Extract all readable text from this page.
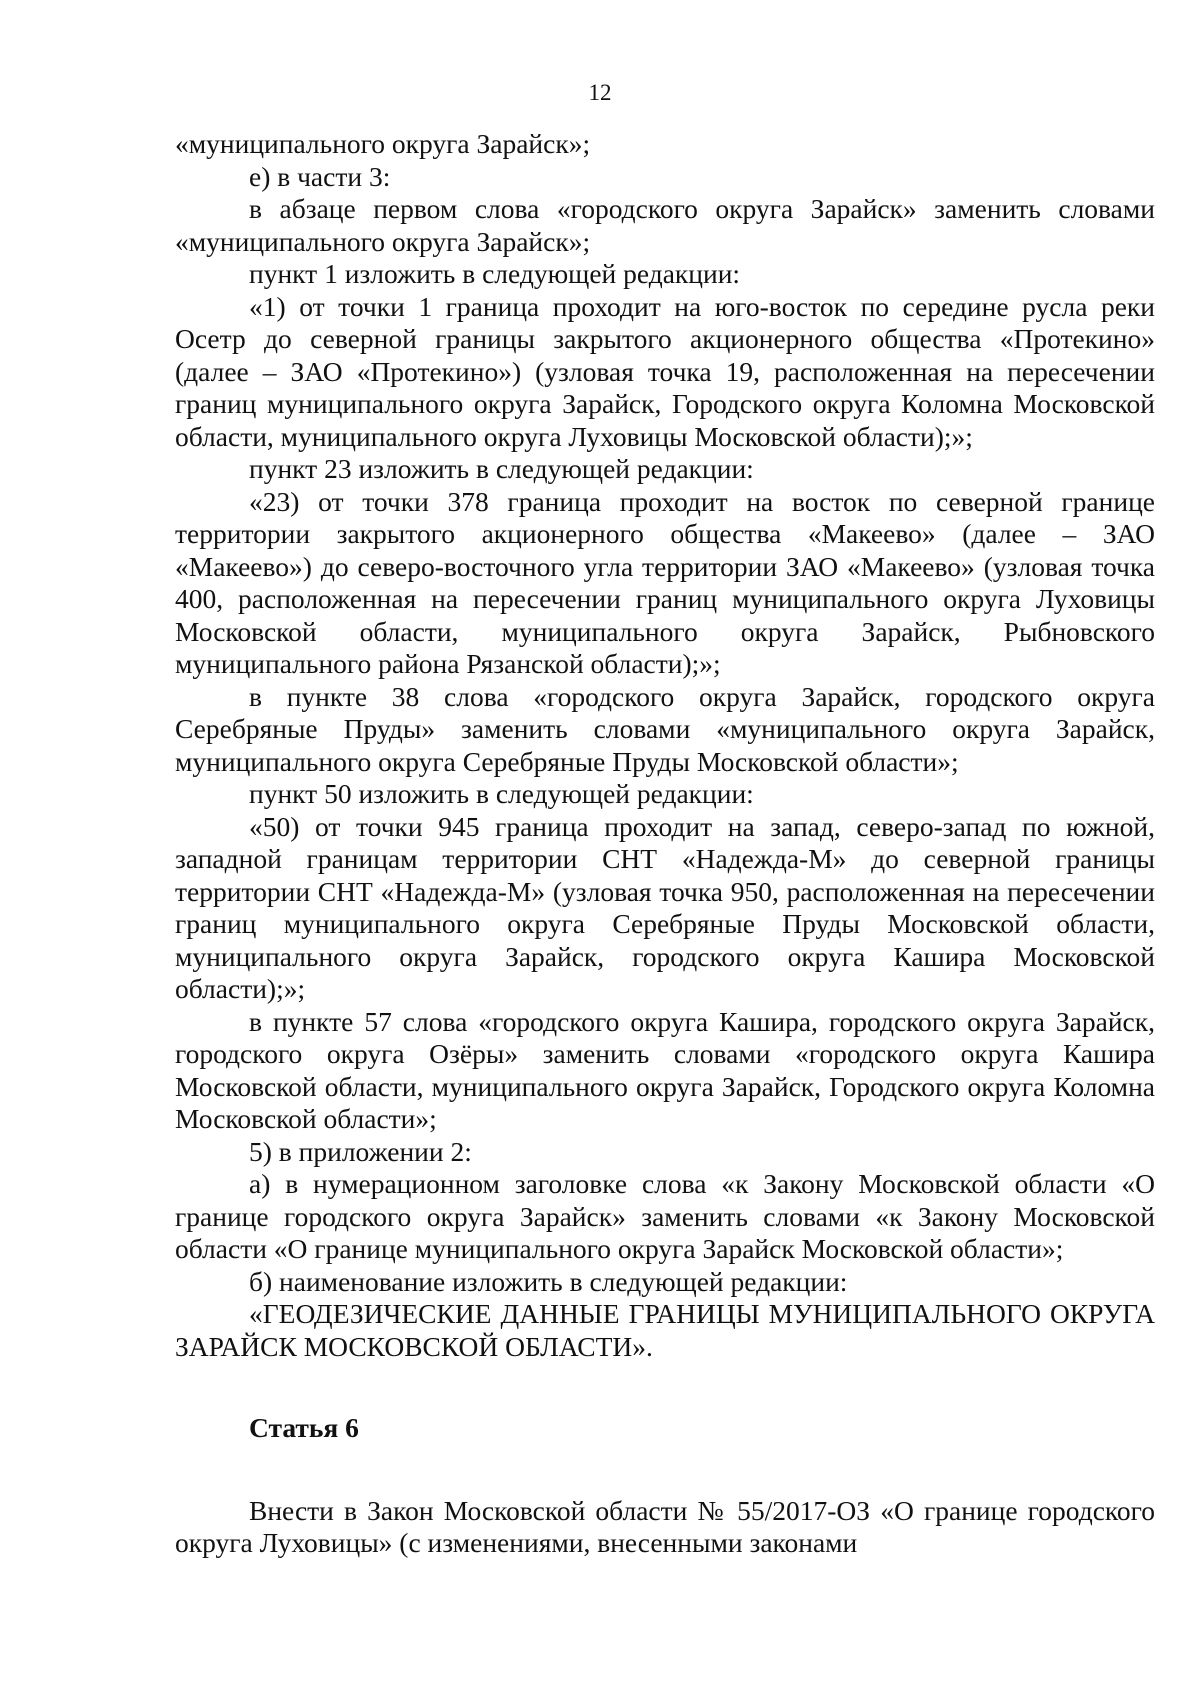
12

«муниципального округа Зарайск»;

е) в части 3:

в абзаце первом слова «городского округа Зарайск» заменить словами «муниципального округа Зарайск»;

пункт 1 изложить в следующей редакции:

«1) от точки 1 граница проходит на юго-восток по середине русла реки Осетр до северной границы закрытого акционерного общества «Протекино» (далее – ЗАО «Протекино») (узловая точка 19, расположенная на пересечении границ муниципального округа Зарайск, Городского округа Коломна Московской области, муниципального округа Луховицы Московской области);»;

пункт 23 изложить в следующей редакции:

«23) от точки 378 граница проходит на восток по северной границе территории закрытого акционерного общества «Макеево» (далее – ЗАО «Макеево») до северо-восточного угла территории ЗАО «Макеево» (узловая точка 400, расположенная на пересечении границ муниципального округа Луховицы Московской области, муниципального округа Зарайск, Рыбновского муниципального района Рязанской области);»;

в пункте 38 слова «городского округа Зарайск, городского округа Серебряные Пруды» заменить словами «муниципального округа Зарайск, муниципального округа Серебряные Пруды Московской области»;

пункт 50 изложить в следующей редакции:

«50) от точки 945 граница проходит на запад, северо-запад по южной, западной границам территории СНТ «Надежда-М» до северной границы территории СНТ «Надежда-М» (узловая точка 950, расположенная на пересечении границ муниципального округа Серебряные Пруды Московской области, муниципального округа Зарайск, городского округа Кашира Московской области);»;

в пункте 57 слова «городского округа Кашира, городского округа Зарайск, городского округа Озёры» заменить словами «городского округа Кашира Московской области, муниципального округа Зарайск, Городского округа Коломна Московской области»;

5) в приложении 2:

а) в нумерационном заголовке слова «к Закону Московской области «О границе городского округа Зарайск» заменить словами «к Закону Московской области «О границе муниципального округа Зарайск Московской области»;

б) наименование изложить в следующей редакции:

«ГЕОДЕЗИЧЕСКИЕ ДАННЫЕ ГРАНИЦЫ МУНИЦИПАЛЬНОГО ОКРУГА ЗАРАЙСК МОСКОВСКОЙ ОБЛАСТИ».

Статья 6

Внести в Закон Московской области № 55/2017-ОЗ «О границе городского округа Луховицы» (с изменениями, внесенными законами
